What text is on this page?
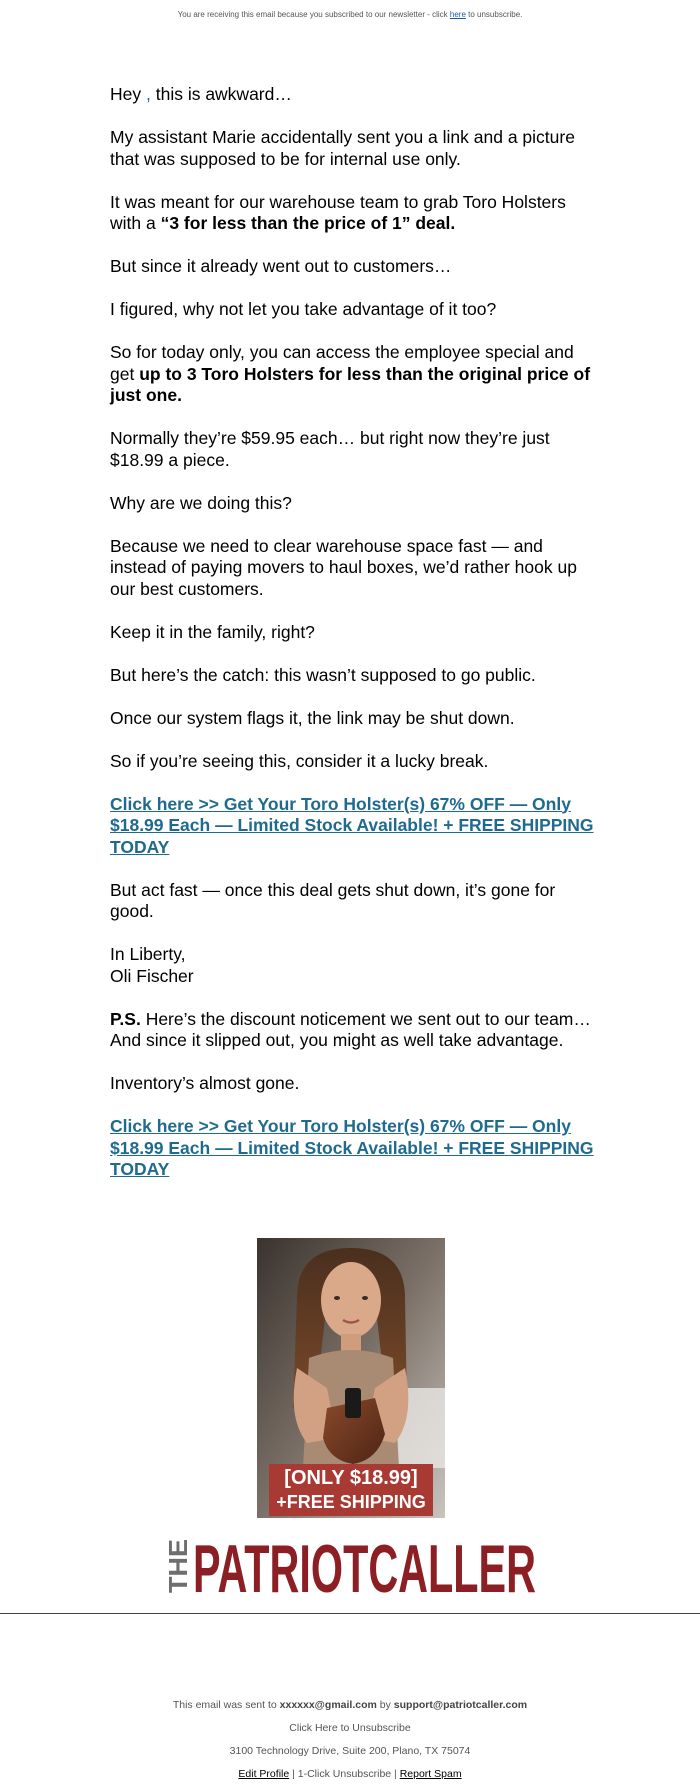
You are receiving this email because you subscribed to our newsletter - click here to unsubscribe.

Hey , this is awkward…

My assistant Marie accidentally sent you a link and a picture that was supposed to be for internal use only.

It was meant for our warehouse team to grab Toro Holsters with a “3 for less than the price of 1” deal.

But since it already went out to customers…

I figured, why not let you take advantage of it too?

So for today only, you can access the employee special and get up to 3 Toro Holsters for less than the original price of just one.

Normally they’re $59.95 each… but right now they’re just $18.99 a piece.

Why are we doing this?

Because we need to clear warehouse space fast — and instead of paying movers to haul boxes, we’d rather hook up our best customers.

Keep it in the family, right?

But here’s the catch: this wasn’t supposed to go public.

Once our system flags it, the link may be shut down.

So if you’re seeing this, consider it a lucky break.

Click here >> Get Your Toro Holster(s) 67% OFF — Only $18.99 Each — Limited Stock Available! + FREE SHIPPING TODAY

But act fast — once this deal gets shut down, it’s gone for good.

In Liberty,
Oli Fischer

P.S. Here’s the discount noticement we sent out to our team… And since it slipped out, you might as well take advantage.

Inventory’s almost gone.

Click here >> Get Your Toro Holster(s) 67% OFF — Only $18.99 Each — Limited Stock Available! + FREE SHIPPING TODAY

[ONLY $18.99]
+FREE SHIPPING
THE PATRIOTCALLER
This email was sent to xxxxxx@gmail.com by support@patriotcaller.com
Click Here to Unsubscribe
3100 Technology Drive, Suite 200, Plano, TX 75074
Edit Profile | 1-Click Unsubscribe | Report Spam
